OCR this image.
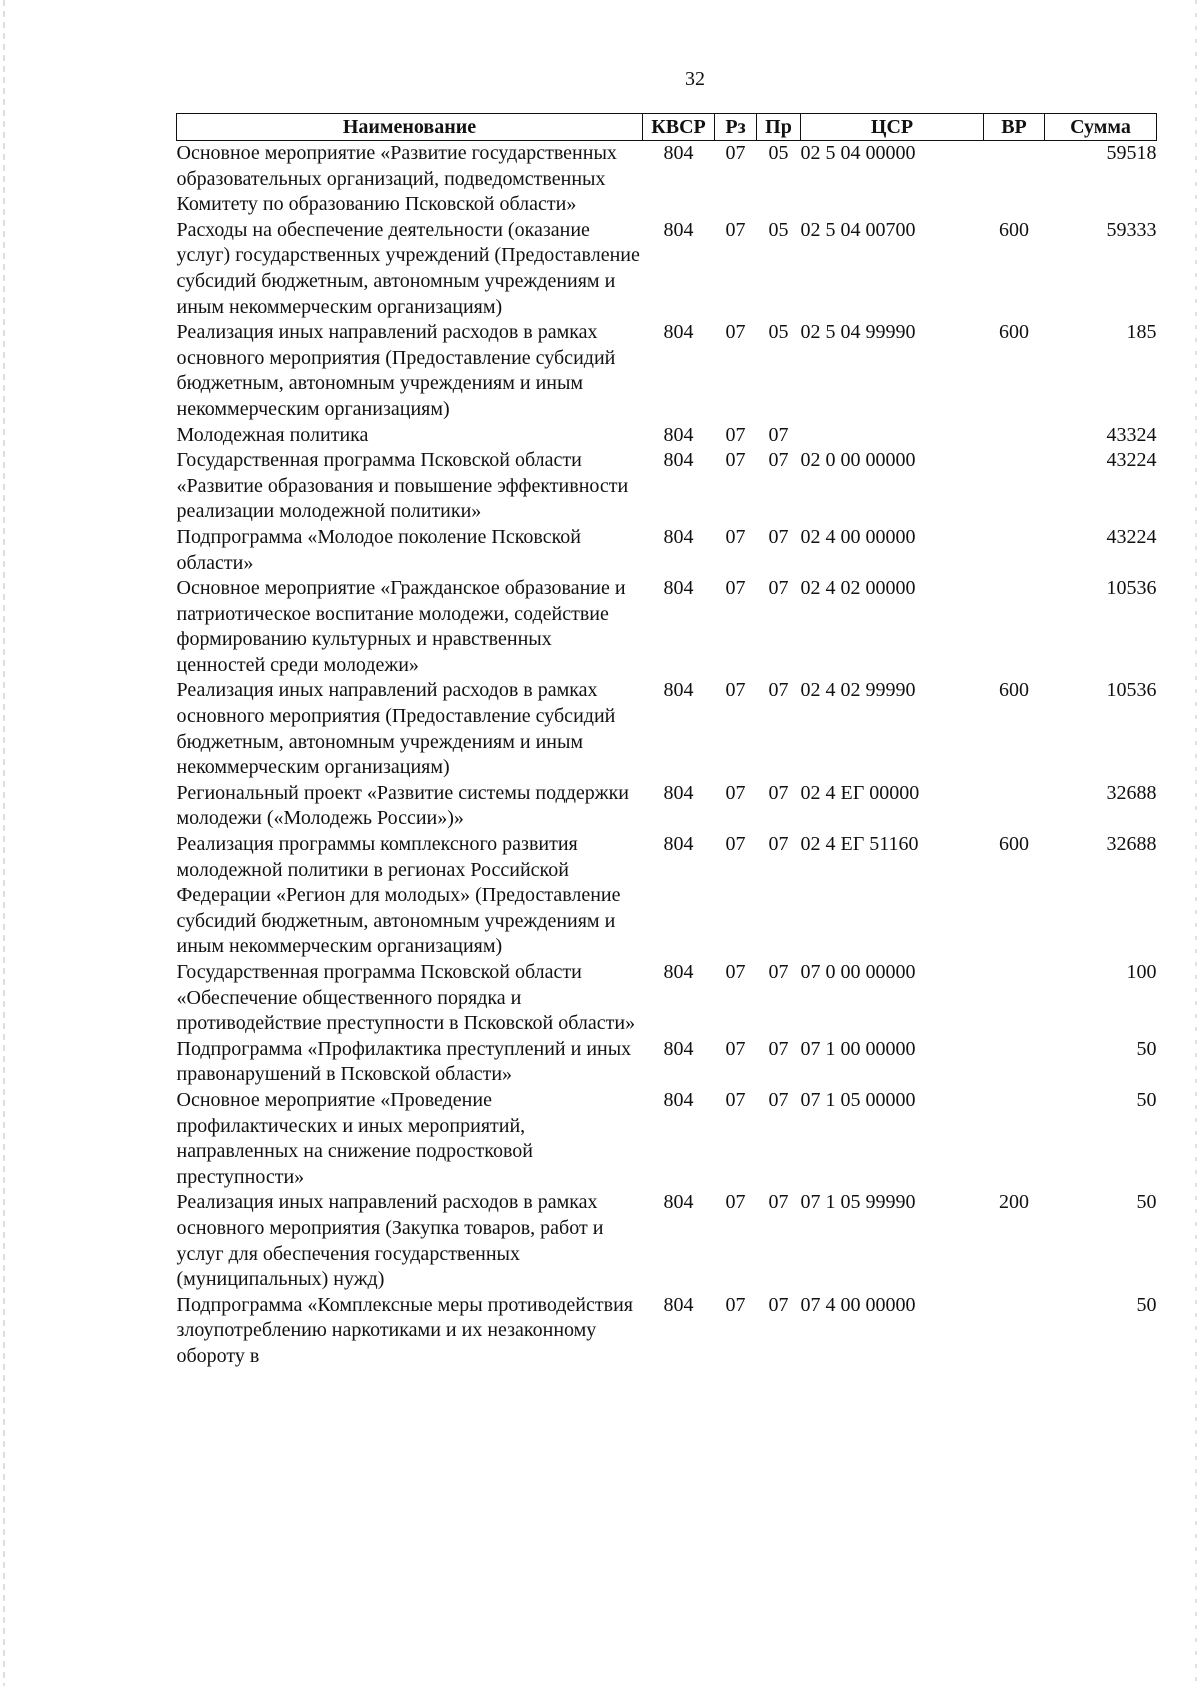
32
Наименование	КВСР	Рз	Пр	ЦСР	ВР	Сумма
Основное мероприятие «Развитие государственных образовательных организаций, подведомственных Комитету по образованию Псковской области»	804	07	05	02 5 04 00000		59518
Расходы на обеспечение деятельности (оказание услуг) государственных учреждений (Предоставление субсидий бюджетным, автономным учреждениям и иным некоммерческим организациям)	804	07	05	02 5 04 00700	600	59333
Реализация иных направлений расходов в рамках основного мероприятия (Предоставление субсидий бюджетным, автономным учреждениям и иным некоммерческим организациям)	804	07	05	02 5 04 99990	600	185
Молодежная политика	804	07	07			43324
Государственная программа Псковской области «Развитие образования и повышение эффективности реализации молодежной политики»	804	07	07	02 0 00 00000		43224
Подпрограмма «Молодое поколение Псковской области»	804	07	07	02 4 00 00000		43224
Основное мероприятие «Гражданское образование и патриотическое воспитание молодежи, содействие формированию культурных и нравственных ценностей среди молодежи»	804	07	07	02 4 02 00000		10536
Реализация иных направлений расходов в рамках основного мероприятия (Предоставление субсидий бюджетным, автономным учреждениям и иным некоммерческим организациям)	804	07	07	02 4 02 99990	600	10536
Региональный проект «Развитие системы поддержки молодежи («Молодежь России»)»	804	07	07	02 4 ЕГ 00000		32688
Реализация программы комплексного развития молодежной политики в регионах Российской Федерации «Регион для молодых» (Предоставление субсидий бюджетным, автономным учреждениям и иным некоммерческим организациям)	804	07	07	02 4 ЕГ 51160	600	32688
Государственная программа Псковской области «Обеспечение общественного порядка и противодействие преступности в Псковской области»	804	07	07	07 0 00 00000		100
Подпрограмма «Профилактика преступлений и иных правонарушений в Псковской области»	804	07	07	07 1 00 00000		50
Основное мероприятие «Проведение профилактических и иных мероприятий, направленных на снижение подростковой преступности»	804	07	07	07 1 05 00000		50
Реализация иных направлений расходов в рамках основного мероприятия (Закупка товаров, работ и услуг для обеспечения государственных (муниципальных) нужд)	804	07	07	07 1 05 99990	200	50
Подпрограмма «Комплексные меры противодействия злоупотреблению наркотиками и их незаконному обороту в	804	07	07	07 4 00 00000		50
